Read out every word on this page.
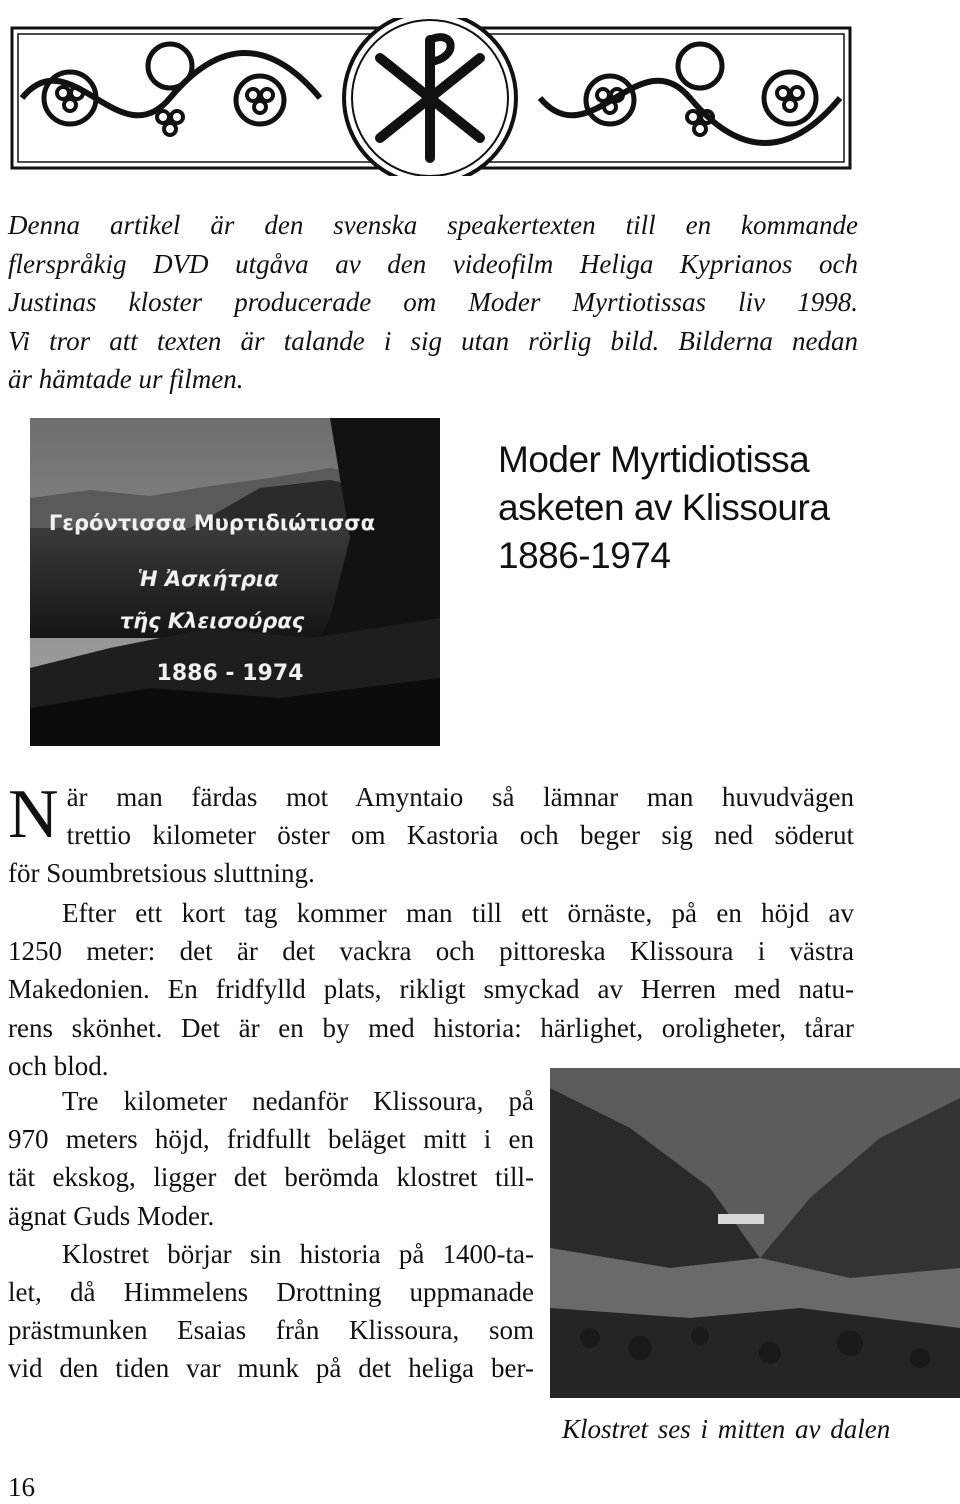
Denna artikel är den svenska speakertexten till en kommande
flerspråkig DVD utgåva av den videofilm Heliga Kyprianos och
Justinas kloster producerade om Moder Myrtiotissas liv 1998.
Vi tror att texten är talande i sig utan rörlig bild. Bilderna nedan
är hämtade ur filmen.
Γερόντισσα Μυρτιδιώτισσα
Ἡ Ἀσκήτρια
τῆς Κλεισούρας
1886 - 1974
Moder Myrtidiotissa
asketen av Klissoura
1886-1974
N är man färdas mot Amyntaio så lämnar man huvudvägen
trettio kilometer öster om Kastoria och beger sig ned söderut
för Soumbretsious sluttning.
Efter ett kort tag kommer man till ett örnäste, på en höjd av
1250 meter: det är det vackra och pittoreska Klissoura i västra
Makedonien. En fridfylld plats, rikligt smyckad av Herren med natu-
rens skönhet. Det är en by med historia: härlighet, oroligheter, tårar
och blod.
Tre kilometer nedanför Klissoura, på
970 meters höjd, fridfullt beläget mitt i en
tät ekskog, ligger det berömda klostret till-
ägnat Guds Moder.
Klostret börjar sin historia på 1400-ta-
let, då Himmelens Drottning uppmanade
prästmunken Esaias från Klissoura, som
vid den tiden var munk på det heliga ber-
Klostret ses i mitten av dalen
16
